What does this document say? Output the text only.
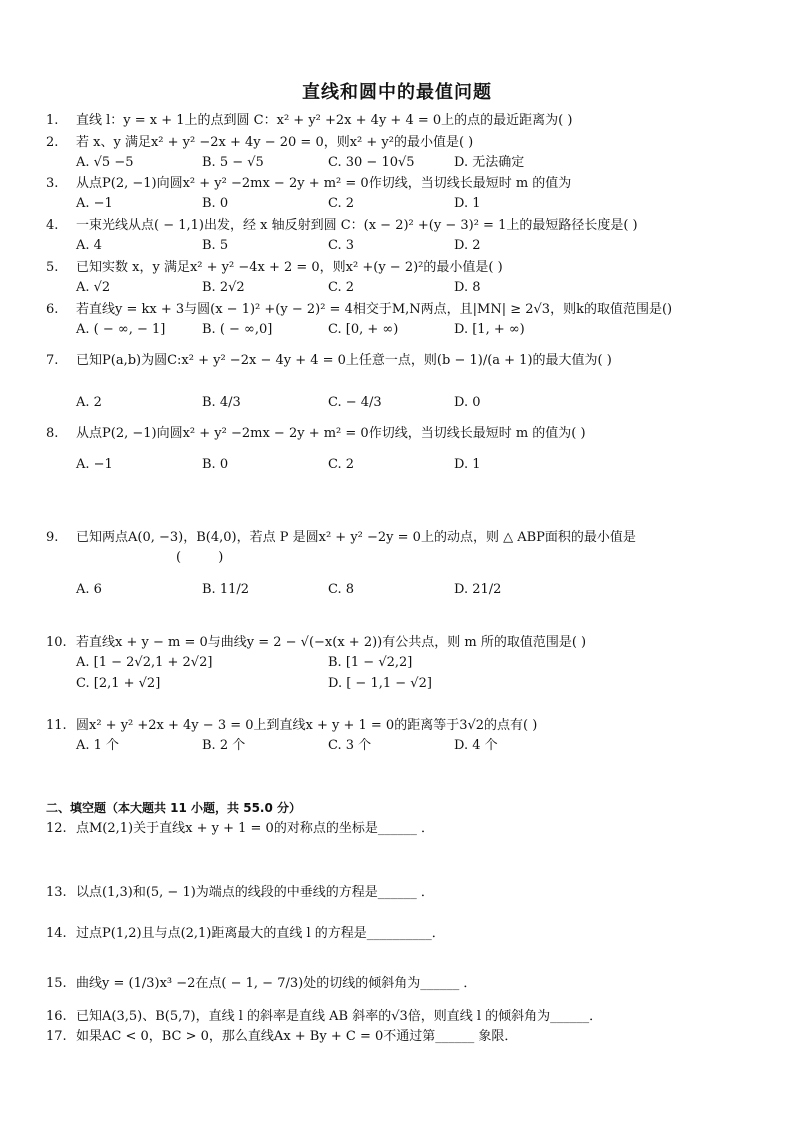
直线和圆中的最值问题
1.	直线 l：y = x + 1上的点到圆 C：x² + y² +2x + 4y + 4 = 0上的点的最近距离为( )
2.	若 x、y 满足x² + y² −2x + 4y − 20 = 0，则x² + y²的最小值是( )
A. √5 −5	B. 5 − √5	C. 30 − 10√5	D. 无法确定
3.	从点P(2, −1)向圆x² + y² −2mx − 2y + m² = 0作切线，当切线长最短时 m 的值为
A. −1	B. 0	C. 2	D. 1
4.	一束光线从点( − 1,1)出发，经 x 轴反射到圆 C：(x − 2)² +(y − 3)² = 1上的最短路径长度是( )
A. 4	B. 5	C. 3	D. 2
5.	已知实数 x，y 满足x² + y² −4x + 2 = 0，则x² +(y − 2)²的最小值是( )
A. √2	B. 2√2	C. 2	D. 8
6.	若直线y = kx + 3与圆(x − 1)² +(y − 2)² = 4相交于M,N两点，且|MN| ≥ 2√3，则k的取值范围是()
A. ( − ∞, − 1]	B. ( − ∞,0]	C. [0, + ∞)	D. [1, + ∞)
7.	已知P(a,b)为圆C:x² + y² −2x − 4y + 4 = 0上任意一点，则(b − 1)/(a + 1)的最大值为( )
A. 2	B. 4/3	C. − 4/3	D. 0
8.	从点P(2, −1)向圆x² + y² −2mx − 2y + m² = 0作切线，当切线长最短时 m 的值为( )
A. −1	B. 0	C. 2	D. 1
9.	已知两点A(0, −3)，B(4,0)，若点 P 是圆x² + y² −2y = 0上的动点，则 △ ABP面积的最小值是
(         )
A. 6	B. 11/2	C. 8	D. 21/2
10. 若直线x + y − m = 0与曲线y = 2 − √(−x(x + 2))有公共点，则 m 所的取值范围是( )
A. [1 − 2√2,1 + 2√2]	B. [1 − √2,2]
C. [2,1 + √2]	D. [ − 1,1 − √2]
11. 圆x² + y² +2x + 4y − 3 = 0上到直线x + y + 1 = 0的距离等于3√2的点有( )
A. 1 个	B. 2 个	C. 3 个	D. 4 个
二、填空题（本大题共 11 小题，共 55.0 分）
12. 点M(2,1)关于直线x + y + 1 = 0的对称点的坐标是______ ．
13. 以点(1,3)和(5, − 1)为端点的线段的中垂线的方程是______ ．
14. 过点P(1,2)且与点(2,1)距离最大的直线 l 的方程是__________．
15. 曲线y = (1/3)x³ −2在点( − 1, − 7/3)处的切线的倾斜角为______ ．
16. 已知A(3,5)、B(5,7)，直线 l 的斜率是直线 AB 斜率的√3倍，则直线 l 的倾斜角为______．
17. 如果AC < 0，BC > 0，那么直线Ax + By + C = 0不通过第______ 象限．
